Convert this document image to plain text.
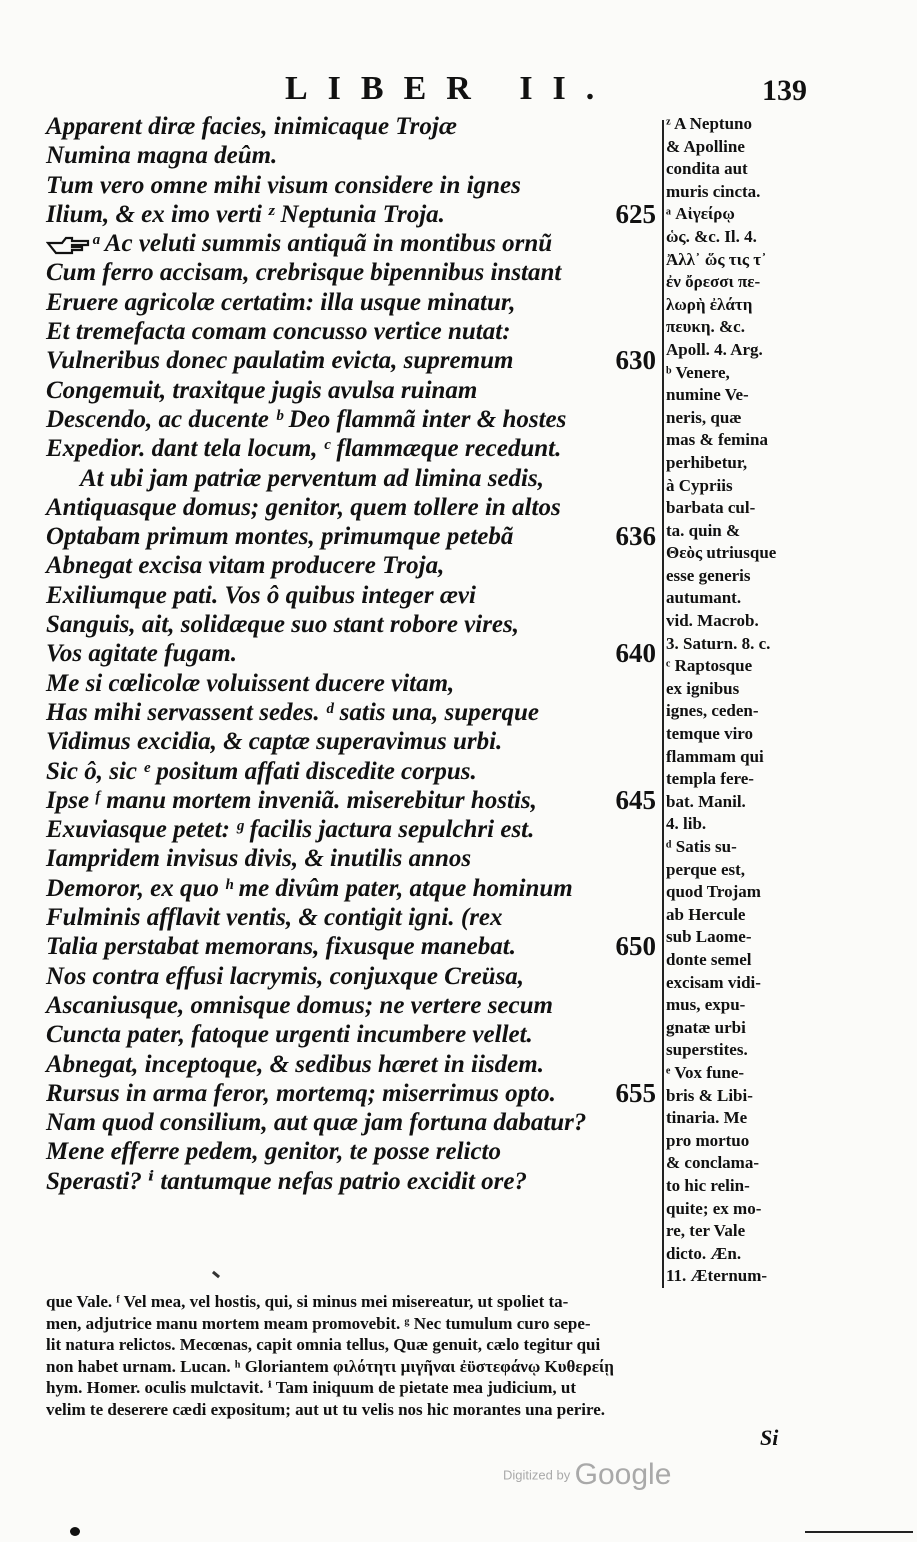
LIBER II.	139
Apparent diræ facies, inimicaque Trojæ
Numina magna deûm.
Tum vero omne mihi visum considere in ignes
Ilium, & ex imo verti ᶻ Neptunia Troja.	625
ᵃ Ac veluti summis antiquã in montibus ornũ
Cum ferro accisam, crebrisque bipennibus instant
Eruere agricolæ certatim: illa usque minatur,
Et tremefacta comam concusso vertice nutat:
Vulneribus donec paulatim evicta, supremum	630
Congemuit, traxitque jugis avulsa ruinam
Descendo, ac ducente ᵇ Deo flammã inter & hostes
Expedior. dant tela locum, ᶜ flammæque recedunt.
At ubi jam patriæ perventum ad limina sedis,
Antiquasque domus; genitor, quem tollere in altos
Optabam primum montes, primumque petebã	636
Abnegat excisa vitam producere Troja,
Exiliumque pati. Vos ô quibus integer ævi
Sanguis, ait, solidæque suo stant robore vires,
Vos agitate fugam.	640
Me si cœlicolæ voluissent ducere vitam,
Has mihi servassent sedes. ᵈ satis una, superque
Vidimus excidia, & captæ superavimus urbi.
Sic ô, sic ᵉ positum affati discedite corpus.
Ipse ᶠ manu mortem inveniã. miserebitur hostis,	645
Exuviasque petet: ᵍ facilis jactura sepulchri est.
Iampridem invisus divis, & inutilis annos
Demoror, ex quo ʰ me divûm pater, atque hominum
Fulminis afflavit ventis, & contigit igni. (rex
Talia perstabat memorans, fixusque manebat.	650
Nos contra effusi lacrymis, conjuxque Creüsa,
Ascaniusque, omnisque domus; ne vertere secum
Cuncta pater, fatoque urgenti incumbere vellet.
Abnegat, inceptoque, & sedibus hæret in iisdem.
Rursus in arma feror, mortemq; miserrimus opto. 655
Nam quod consilium, aut quæ jam fortuna dabatur?
Mene efferre pedem, genitor, te posse relicto
Sperasti? ⁱ tantumque nefas patrio excidit ore?
ᶻ A Neptuno
& Apolline
condita aut
muris cincta.
ᵃ Αἰγείρῳ
ὡς. &c. Il. 4.
Ἀλλ᾽ ὥς τις τ᾽
ἐν ὄρεσσι πε-
λωρὴ ἐλάτη
πευκη. &c.
Apoll. 4. Arg.
ᵇ Venere,
numine Ve-
neris, quæ
mas & femina
perhibetur,
à Cypriis
barbata cul-
ta. quin &
Θεὸς utriusque
esse generis
autumant.
vid. Macrob.
3. Saturn. 8. c.
ᶜ Raptosque
ex ignibus
ignes, ceden-
temque viro
flammam qui
templa fere-
bat. Manil.
4. lib.
ᵈ Satis su-
perque est,
quod Trojam
ab Hercule
sub Laome-
donte semel
excisam vidi-
mus, expu-
gnatæ urbi
superstites.
ᵉ Vox fune-
bris & Libi-
tinaria. Me
pro mortuo
& conclama-
to hic relin-
quite; ex mo-
re, ter Vale
dicto. Æn.
11. Æternum-
que Vale. ᶠ Vel mea, vel hostis, qui, si minus mei misereatur, ut spoliet ta-
men, adjutrice manu mortem meam promovebit. ᵍ Nec tumulum curo sepe-
lit natura relictos. Mecœnas, capit omnia tellus, Quæ genuit, cælo tegitur qui
non habet urnam. Lucan. ʰ Gloriantem φιλότητι μιγῆναι ἐϋστεφάνῳ Κυθερείῃ
hym. Homer. oculis mulctavit. ⁱ Tam iniquum de pietate mea judicium, ut
velim te deserere cædi expositum; aut ut tu velis nos hic morantes una perire.
Si
Digitized by Google
